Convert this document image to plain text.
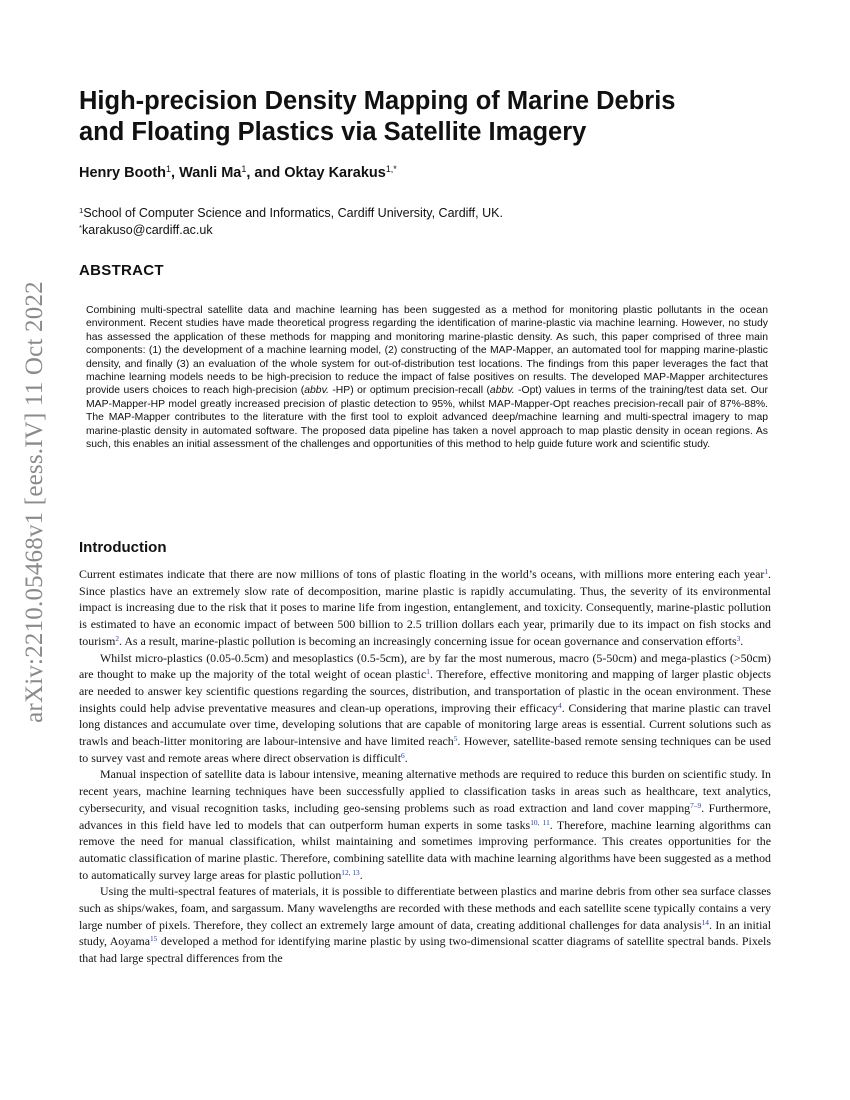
arXiv:2210.05468v1 [eess.IV] 11 Oct 2022
High-precision Density Mapping of Marine Debris
and Floating Plastics via Satellite Imagery

Henry Booth$^1$, Wanli Ma$^1$, and Oktay Karakus$^{1,*}$

$^1$School of Computer Science and Informatics, Cardiff University, Cardiff, UK.
*karakuso@cardiff.ac.uk

ABSTRACT

Combining multi-spectral satellite data and machine learning has been suggested as a method for monitoring plastic pollutants in the ocean environment. Recent studies have made theoretical progress regarding the identification of marine-plastic via machine learning. However, no study has assessed the application of these methods for mapping and monitoring marine-plastic density. As such, this paper comprised of three main components: (1) the development of a machine learning model, (2) constructing of the MAP-Mapper, an automated tool for mapping marine-plastic density, and finally (3) an evaluation of the whole system for out-of-distribution test locations. The findings from this paper leverages the fact that machine learning models needs to be high-precision to reduce the impact of false positives on results. The developed MAP-Mapper architectures provide users choices to reach high-precision (abbv. -HP) or optimum precision-recall (abbv. -Opt) values in terms of the training/test data set. Our MAP-Mapper-HP model greatly increased precision of plastic detection to 95%, whilst MAP-Mapper-Opt reaches precision-recall pair of 87%-88%. The MAP-Mapper contributes to the literature with the first tool to exploit advanced deep/machine learning and multi-spectral imagery to map marine-plastic density in automated software. The proposed data pipeline has taken a novel approach to map plastic density in ocean regions. As such, this enables an initial assessment of the challenges and opportunities of this method to help guide future work and scientific study.

Introduction

Current estimates indicate that there are now millions of tons of plastic floating in the world’s oceans, with millions more entering each year$^1$. Since plastics have an extremely slow rate of decomposition, marine plastic is rapidly accumulating. Thus, the severity of its environmental impact is increasing due to the risk that it poses to marine life from ingestion, entanglement, and toxicity. Consequently, marine-plastic pollution is estimated to have an economic impact of between 500 billion to 2.5 trillion dollars each year, primarily due to its impact on fish stocks and tourism$^2$. As a result, marine-plastic pollution is becoming an increasingly concerning issue for ocean governance and conservation efforts$^3$.

Whilst micro-plastics (0.05-0.5cm) and mesoplastics (0.5-5cm), are by far the most numerous, macro (5-50cm) and mega-plastics (>50cm) are thought to make up the majority of the total weight of ocean plastic$^1$. Therefore, effective monitoring and mapping of larger plastic objects are needed to answer key scientific questions regarding the sources, distribution, and transportation of plastic in the ocean environment. These insights could help advise preventative measures and clean-up operations, improving their efficacy$^4$. Considering that marine plastic can travel long distances and accumulate over time, developing solutions that are capable of monitoring large areas is essential. Current solutions such as trawls and beach-litter monitoring are labour-intensive and have limited reach$^5$. However, satellite-based remote sensing techniques can be used to survey vast and remote areas where direct observation is difficult$^6$.

Manual inspection of satellite data is labour intensive, meaning alternative methods are required to reduce this burden on scientific study. In recent years, machine learning techniques have been successfully applied to classification tasks in areas such as healthcare, text analytics, cybersecurity, and visual recognition tasks, including geo-sensing problems such as road extraction and land cover mapping$^{7-9}$. Furthermore, advances in this field have led to models that can outperform human experts in some tasks$^{10, 11}$. Therefore, machine learning algorithms can remove the need for manual classification, whilst maintaining and sometimes improving performance. This creates opportunities for the automatic classification of marine plastic. Therefore, combining satellite data with machine learning algorithms have been suggested as a method to automatically survey large areas for plastic pollution$^{12, 13}$.

Using the multi-spectral features of materials, it is possible to differentiate between plastics and marine debris from other sea surface classes such as ships/wakes, foam, and sargassum. Many wavelengths are recorded with these methods and each satellite scene typically contains a very large number of pixels. Therefore, they collect an extremely large amount of data, creating additional challenges for data analysis$^{14}$. In an initial study, Aoyama$^{15}$ developed a method for identifying marine plastic by using two-dimensional scatter diagrams of satellite spectral bands. Pixels that had large spectral differences from the
